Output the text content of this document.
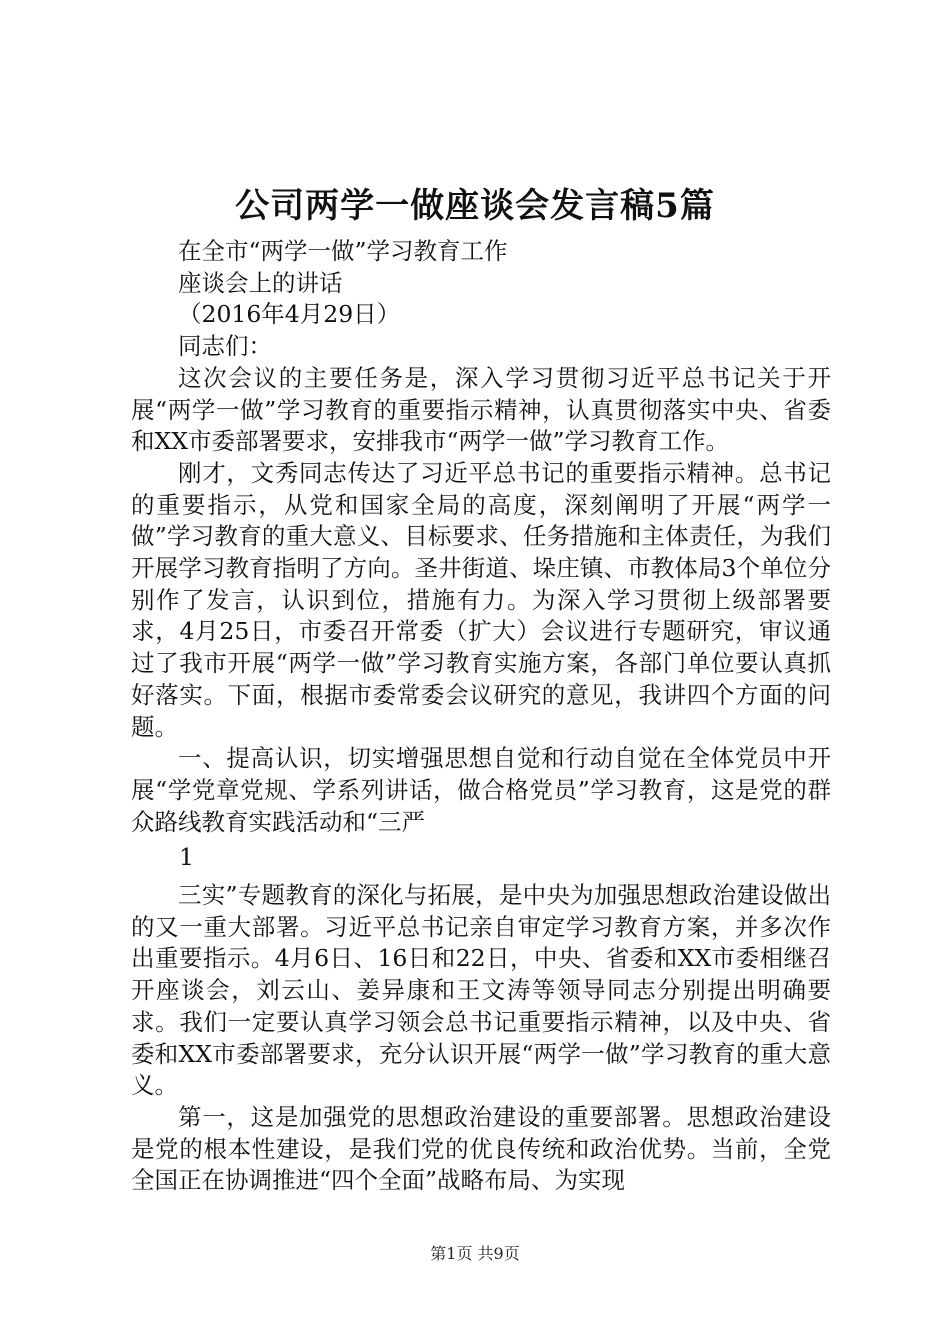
公司两学一做座谈会发言稿5篇

在全市“两学一做”学习教育工作

座谈会上的讲话

（2016年4月29日）

同志们：

这次会议的主要任务是，深入学习贯彻习近平总书记关于开展“两学一做”学习教育的重要指示精神，认真贯彻落实中央、省委和XX市委部署要求，安排我市“两学一做”学习教育工作。

刚才，文秀同志传达了习近平总书记的重要指示精神。总书记的重要指示，从党和国家全局的高度，深刻阐明了开展“两学一做”学习教育的重大意义、目标要求、任务措施和主体责任，为我们开展学习教育指明了方向。圣井街道、垛庄镇、市教体局3个单位分别作了发言，认识到位，措施有力。为深入学习贯彻上级部署要求，4月25日，市委召开常委（扩大）会议进行专题研究，审议通过了我市开展“两学一做”学习教育实施方案，各部门单位要认真抓好落实。下面，根据市委常委会议研究的意见，我讲四个方面的问题。

一、提高认识，切实增强思想自觉和行动自觉在全体党员中开展“学党章党规、学系列讲话，做合格党员”学习教育，这是党的群众路线教育实践活动和“三严

1

三实”专题教育的深化与拓展，是中央为加强思想政治建设做出的又一重大部署。习近平总书记亲自审定学习教育方案，并多次作出重要指示。4月6日、16日和22日，中央、省委和XX市委相继召开座谈会，刘云山、姜异康和王文涛等领导同志分别提出明确要求。我们一定要认真学习领会总书记重要指示精神，以及中央、省委和XX市委部署要求，充分认识开展“两学一做”学习教育的重大意义。

第一，这是加强党的思想政治建设的重要部署。思想政治建设是党的根本性建设，是我们党的优良传统和政治优势。当前，全党全国正在协调推进“四个全面”战略布局、为实现

第1页 共9页
